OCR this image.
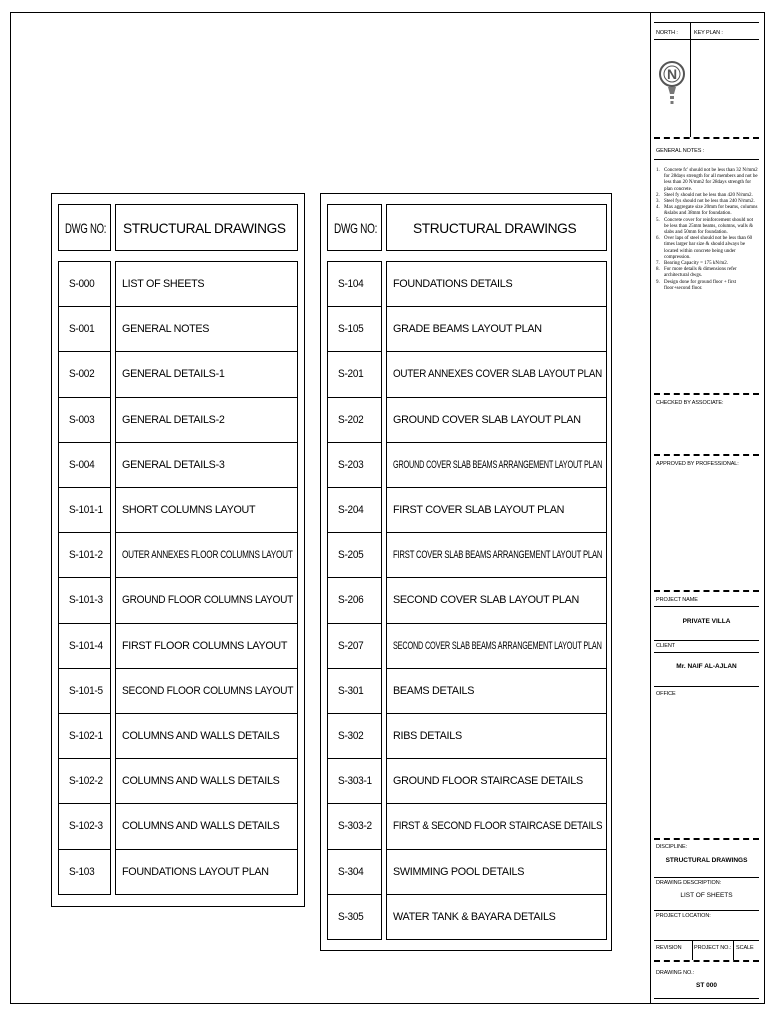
DWG NO: STRUCTURAL DRAWINGS
S-000	LIST OF SHEETS
S-001	GENERAL NOTES
S-002	GENERAL DETAILS-1
S-003	GENERAL DETAILS-2
S-004	GENERAL DETAILS-3
S-101-1 SHORT COLUMNS LAYOUT
S-101-2 OUTER ANNEXES FLOOR COLUMNS LAYOUT
S-101-3 GROUND FLOOR COLUMNS LAYOUT
S-101-4 FIRST FLOOR COLUMNS LAYOUT
S-101-5 SECOND FLOOR COLUMNS LAYOUT
S-102-1 COLUMNS AND WALLS DETAILS
S-102-2 COLUMNS AND WALLS DETAILS
S-102-3 COLUMNS AND WALLS DETAILS
S-103	FOUNDATIONS LAYOUT PLAN
DWG NO:	STRUCTURAL DRAWINGS
S-104	FOUNDATIONS DETAILS
S-105	GRADE BEAMS LAYOUT PLAN
S-201	OUTER ANNEXES COVER SLAB LAYOUT PLAN
S-202	GROUND COVER SLAB LAYOUT PLAN
S-203	GROUND COVER SLAB BEAMS ARRANGEMENT LAYOUT PLAN
S-204	FIRST COVER SLAB LAYOUT PLAN
S-205	FIRST COVER SLAB BEAMS ARRANGEMENT LAYOUT PLAN
S-206	SECOND COVER SLAB LAYOUT PLAN
S-207	SECOND COVER SLAB BEAMS ARRANGEMENT LAYOUT PLAN
S-301	BEAMS DETAILS
S-302	RIBS DETAILS
S-303-1 GROUND FLOOR STAIRCASE DETAILS
S-303-2 FIRST & SECOND FLOOR STAIRCASE DETAILS
S-304	SWIMMING POOL DETAILS
S-305	WATER TANK & BAYARA DETAILS
NORTH :	KEY PLAN :
N
GENERAL NOTES :
1. Concrete fc' should not be less than 32 N/mm2 for 28days strength for all members and not be less than 20 N/mm2 for 28days strength for plan concrete.
2. Steel fy should not be less than 420 N/mm2.
3. Steel fys should not be less than 240 N/mm2.
4. Max aggregate size 20mm for beams, columns &slabs and 38mm for foundation.
5. Concrete cover for reinforcement should not be less than 25mm beams, columns, walls & slabs and 50mm for foundation.
6. Over laps of steel should not be less than 60 times larger bar size & should always be located within concrete being under compression.
7. Bearing Capacity = 175 kN/m2.
8. For more details & dimensions refer architectural dwgs.
9. Design done for ground floor + first floor+second floor.
CHECKED BY ASSOCIATE:
APPROVED BY PROFESSIONAL:
PROJECT NAME
PRIVATE VILLA
CLIENT
Mr. NAIF AL-AJLAN
OFFICE
DISCIPLINE:
STRUCTURAL DRAWINGS
DRAWING DESCRIPTION:
LIST OF SHEETS
PROJECT LOCATION:
REVISION PROJECT NO.: SCALE
DRAWING NO.:
ST 000
